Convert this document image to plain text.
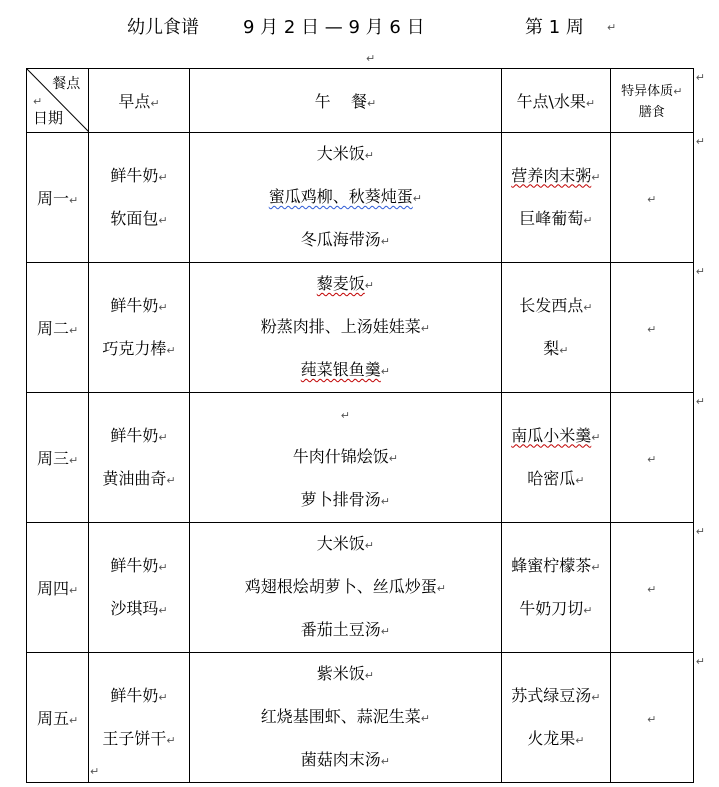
幼儿食谱 9 月 2 日 — 9 月 6 日	第 1 周 ↵
↵
餐点
↵
日期	早点↵	午    餐↵	午点\水果↵	特异体质↵
膳食
↵

周一↵	鲜牛奶↵
软面包↵	大米饭↵
蜜瓜鸡柳、秋葵炖蛋↵
冬瓜海带汤↵	营养肉末粥↵
巨峰葡萄↵	↵
↵

周二↵	鲜牛奶↵
巧克力棒↵	藜麦饭↵
粉蒸肉排、上汤娃娃菜↵
莼菜银鱼羹↵	长发西点↵
梨↵	↵
↵

周三↵	鲜牛奶↵
黄油曲奇↵	↵
牛肉什锦烩饭↵
萝卜排骨汤↵	南瓜小米羹↵
哈密瓜↵	↵
↵

周四↵	鲜牛奶↵
沙琪玛↵	大米饭↵
鸡翅根烩胡萝卜、丝瓜炒蛋↵
番茄土豆汤↵	蜂蜜柠檬茶↵
牛奶刀切↵	↵
↵

周五↵	鲜牛奶↵
王子饼干↵	紫米饭↵
红烧基围虾、蒜泥生菜↵
菌菇肉末汤↵	苏式绿豆汤↵
火龙果↵	↵
↵
↵
